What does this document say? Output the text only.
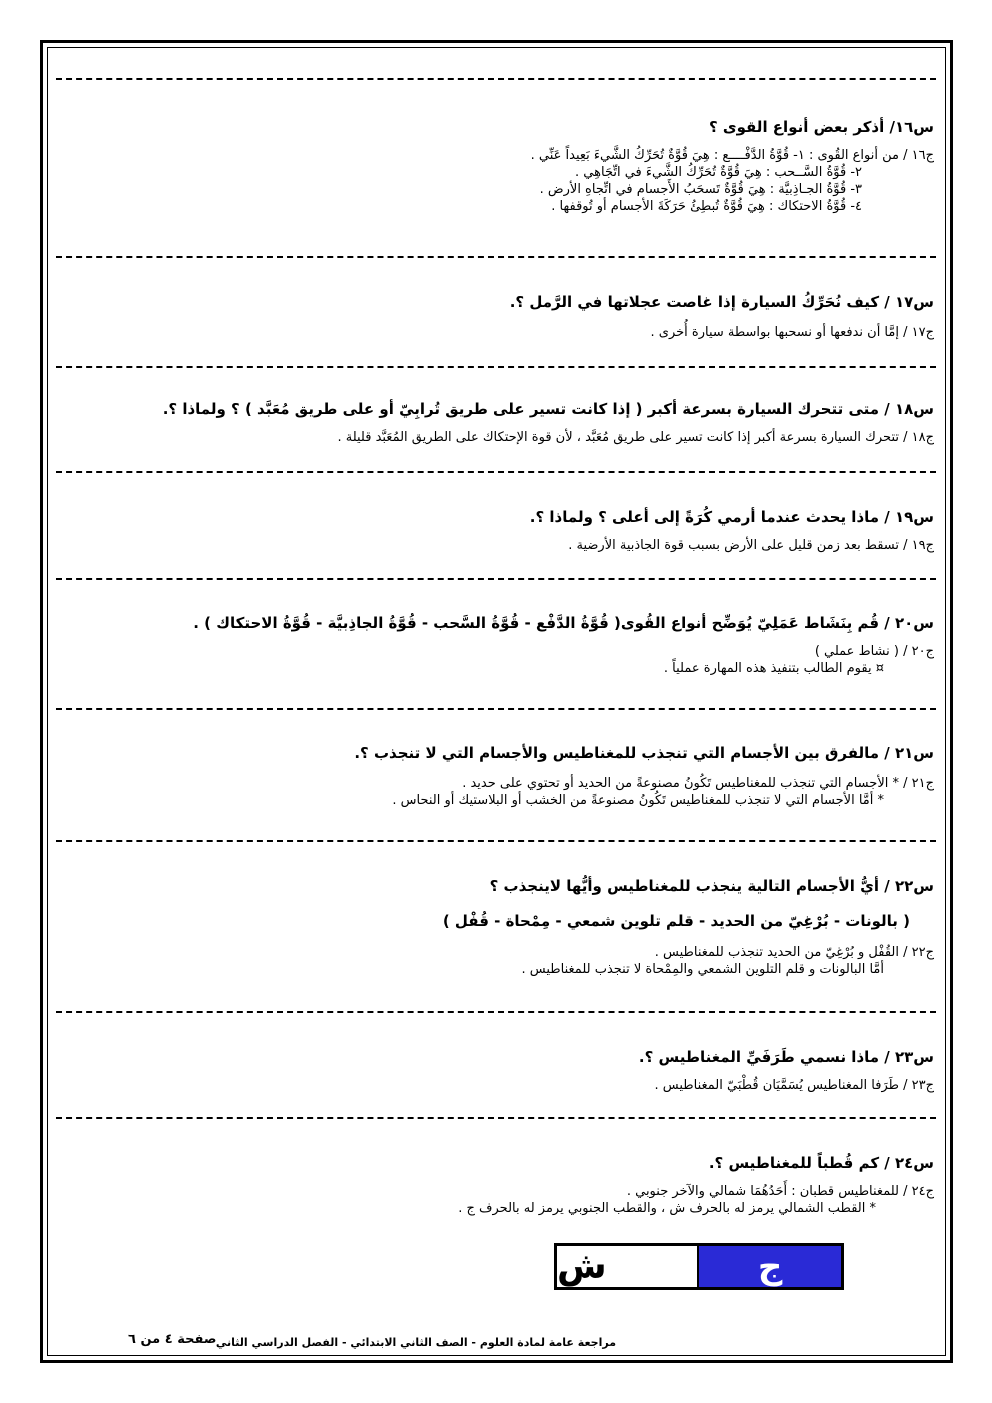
س١٦/ أذكر بعض أنواع القوى ؟
ج١٦ / من أنواع القُوى : ١- قُوَّةُ الدَّفْــــع : هِيَ قُوَّةٌ تُحَرِّكُ الشَّيءَ بَعِيداً عَنِّي .
٢- قُوَّةُ السَّــحب : هِيَ قُوَّةٌ تُحَرِّكُ الشَّيءَ في اتِّجَاهِي .
٣- قُوَّةُ الجـاذِبيَّة : هِيَ قُوَّةٌ تَسحَبُ الأَجسام في اتِّجاهِ الأرض .
٤- قُوَّةُ الاحتكاك : هِيَ قُوَّةٌ تُبطِئُ حَرَكَةَ الأجسام أو تُوقفها .
س١٧ / كيف نُحَرِّكُ السيارة إذا غاصت عجلاتها في الرَّمل ؟.
ج١٧ / إمَّا أن ندفعها أو نسحبها بواسطة سيارة أُخرى .
س١٨ / متى تتحرك السيارة بسرعة أكبر ( إذا كانت تسير على طريق تُرابِيّ أو على طريق مُعَبَّد ) ؟ ولماذا ؟.
ج١٨ / تتحرك السيارة بسرعة أكبر إذا كانت تسير على طريق مُعَبَّد ، لأن قوة الإحتكاك على الطريق المُعَبَّد قليلة .
س١٩ / ماذا يحدث عندما أرمي كُرَةً إلى أعلى ؟ ولماذا ؟.
ج١٩ / تسقط بعد زمن قليل على الأرض بسبب قوة الجاذبية الأرضية .
س٢٠ / قُم بِنَشَاط عَمَلِيّ يُوَضِّح أنواع القُوى( قُوَّةُ الدَّفْع - قُوَّةُ السَّحب - قُوَّةُ الجاذِبيَّة - قُوَّةُ الاحتكاك ) .
ج٢٠ / ( نشاط عملي )
¤ يقوم الطالب بتنفيذ هذه المهارة عملياً .
س٢١ / مالفرق بين الأجسام التي تنجذب للمغناطيس والأجسام التي لا تنجذب ؟.
ج٢١ / * الأجسام التي تنجذب للمغناطيس تَكُونُ مصنوعةً من الحديد أو تحتوي على حديد .
* أمَّا الأجسام التي لا تنجذب للمغناطيس تَكُونُ مصنوعةً من الخشب أو البلاستيك أو النحاس .
س٢٢ / أيُّ الأجسام التالية ينجذب للمغناطيس وأيُّها لاينجذب ؟
( بالونات - بُرْغِيّ من الحديد - قلم تلوين شمعي - مِمْحاة - قُفْل )
ج٢٢ / القُفْل و بُرْغِيّ من الحديد تنجذب للمغناطيس .
أمَّا البالونات و قلم التلوين الشمعي والمِمْحاة لا تنجذب للمغناطيس .
س٢٣ / ماذا نسمي طَرَفَيِّ المغناطيس ؟.
ج٢٣ / طَرَفا المغناطيس يُسَمَّيَان قُطْبَيّ المغناطيس .
س٢٤ / كم قُطباً للمغناطيس ؟.
ج٢٤ / للمغناطيس قطبان : أَحَدُهُمَا شمالي والآخر جنوبي .
* القطب الشمالي يرمز له بالحرف ش ، والقطب الجنوبي يرمز له بالحرف ج .
ج
ش
مراجعة عامة لمادة العلوم - الصف الثاني الابتدائي - الفصل الدراسي الثاني
صفحة ٤ من ٦
